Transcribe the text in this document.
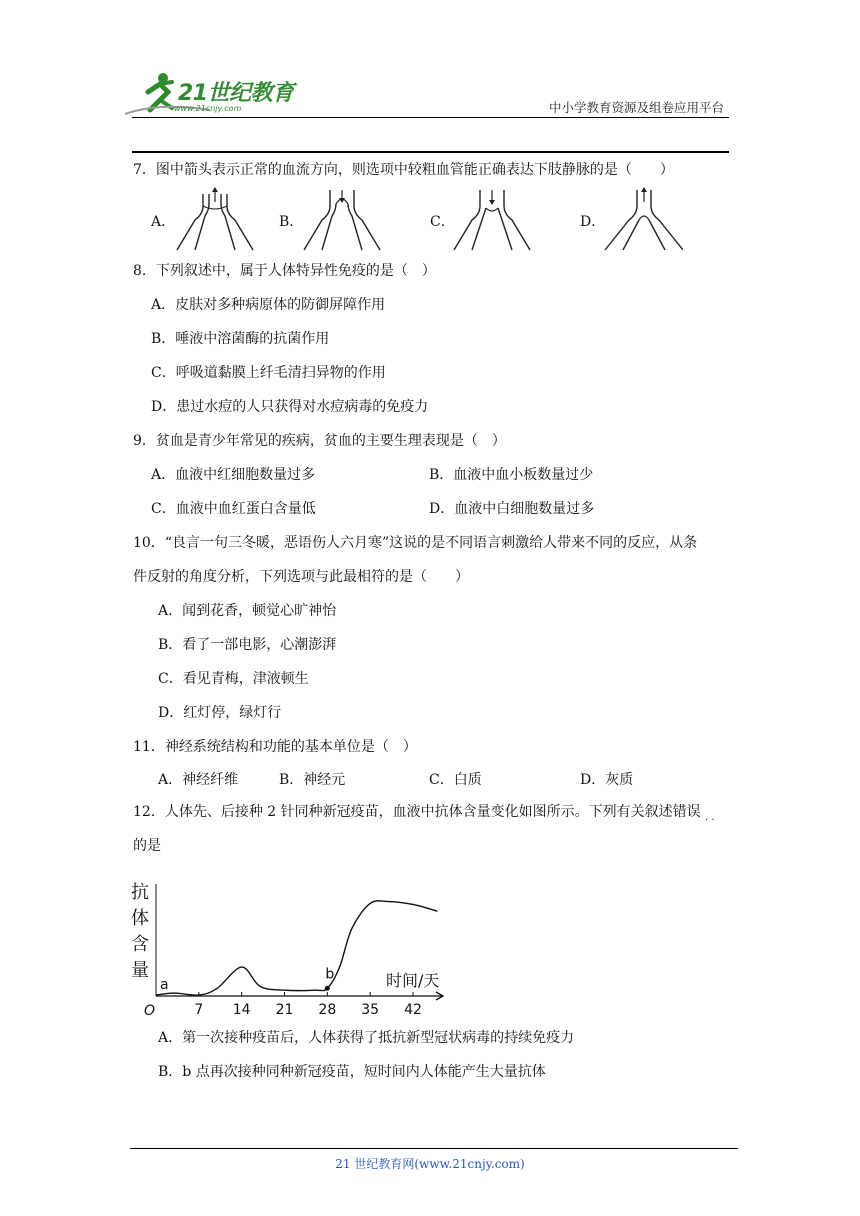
21世纪教育
www.21cnjy.com	中小学教育资源及组卷应用平台
7．图中箭头表示正常的血流方向，则选项中较粗血管能正确表达下肢静脉的是（　　）
A．	B．	C．	D．
8．下列叙述中，属于人体特异性免疫的是（　）
A．皮肤对多种病原体的防御屏障作用
B．唾液中溶菌酶的抗菌作用
C．呼吸道黏膜上纤毛清扫异物的作用
D．患过水痘的人只获得对水痘病毒的免疫力
9．贫血是青少年常见的疾病，贫血的主要生理表现是（　）
A．血液中红细胞数量过多	B．血液中血小板数量过少
C．血液中血红蛋白含量低	D．血液中白细胞数量过多
10．“良言一句三冬暖，恶语伤人六月寒”这说的是不同语言刺激给人带来不同的反应，从条
件反射的角度分析，下列选项与此最相符的是（　　）
A．闻到花香，顿觉心旷神怡
B．看了一部电影，心潮澎湃
C．看见青梅，津液顿生
D．红灯停，绿灯行
11．神经系统结构和功能的基本单位是（　）
A．神经纤维	B．神经元	C．白质	D．灰质
12．人体先、后接种 2 针同种新冠疫苗，血液中抗体含量变化如图所示。下列有关叙述错误
· ·
的是
抗
体
含
量
7 14 21 28 35 42
O
时间/天
a
b
A．第一次接种疫苗后，人体获得了抵抗新型冠状病毒的持续免疫力
B．b 点再次接种同种新冠疫苗，短时间内人体能产生大量抗体
21 世纪教育网(www.21cnjy.com)
